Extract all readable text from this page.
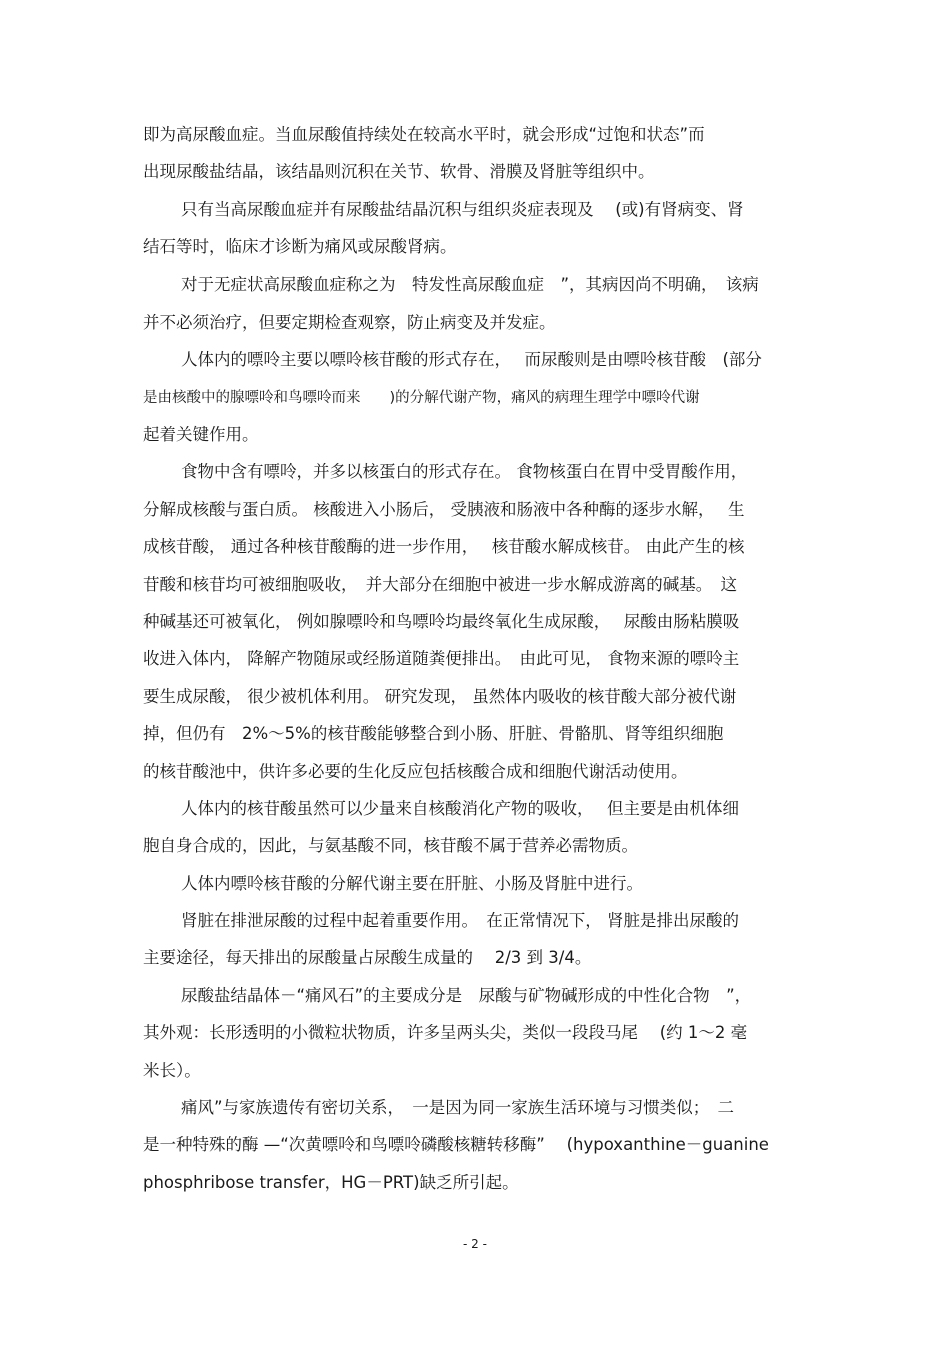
即为高尿酸血症。当血尿酸值持续处在较高水平时，就会形成“过饱和状态”而
出现尿酸盐结晶，该结晶则沉积在关节、软骨、滑膜及肾脏等组织中。
只有当高尿酸血症并有尿酸盐结晶沉积与组织炎症表现及　 (或)有肾病变、肾
结石等时，临床才诊断为痛风或尿酸肾病。
对于无症状高尿酸血症称之为　特发性高尿酸血症　”，其病因尚不明确，　该病
并不必须治疗，但要定期检查观察，防止病变及并发症。
人体内的嘌呤主要以嘌呤核苷酸的形式存在，　 而尿酸则是由嘌呤核苷酸　(部分
是由核酸中的腺嘌呤和鸟嘌呤而来　　)的分解代谢产物，痛风的病理生理学中嘌呤代谢
起着关键作用。
食物中含有嘌呤，并多以核蛋白的形式存在。 食物核蛋白在胃中受胃酸作用，
分解成核酸与蛋白质。 核酸进入小肠后， 受胰液和肠液中各种酶的逐步水解，　 生
成核苷酸， 通过各种核苷酸酶的进一步作用，　 核苷酸水解成核苷。 由此产生的核
苷酸和核苷均可被细胞吸收，　并大部分在细胞中被进一步水解成游离的碱基。　这
种碱基还可被氧化， 例如腺嘌呤和鸟嘌呤均最终氧化生成尿酸，　 尿酸由肠粘膜吸
收进入体内， 降解产物随尿或经肠道随粪便排出。　由此可见， 食物来源的嘌呤主
要生成尿酸， 很少被机体利用。 研究发现， 虽然体内吸收的核苷酸大部分被代谢
掉，但仍有　2%～5%的核苷酸能够整合到小肠、肝脏、骨骼肌、肾等组织细胞
的核苷酸池中，供许多必要的生化反应包括核酸合成和细胞代谢活动使用。
人体内的核苷酸虽然可以少量来自核酸消化产物的吸收，　 但主要是由机体细
胞自身合成的，因此，与氨基酸不同，核苷酸不属于营养必需物质。
人体内嘌呤核苷酸的分解代谢主要在肝脏、小肠及肾脏中进行。
肾脏在排泄尿酸的过程中起着重要作用。　在正常情况下， 肾脏是排出尿酸的
主要途径，每天排出的尿酸量占尿酸生成量的　 2/3 到 3/4。
尿酸盐结晶体－“痛风石”的主要成分是　尿酸与矿物碱形成的中性化合物　”，
其外观：长形透明的小微粒状物质，许多呈两头尖，类似一段段马尾　 (约 1～2 毫
米长）。
痛风”与家族遗传有密切关系，　一是因为同一家族生活环境与习惯类似；　二
是一种特殊的酶 —“次黄嘌呤和鸟嘌呤磷酸核糖转移酶”　 (hypoxanthine－guanine
phosphribose transfer，HG－PRT)缺乏所引起。
- 2 -
